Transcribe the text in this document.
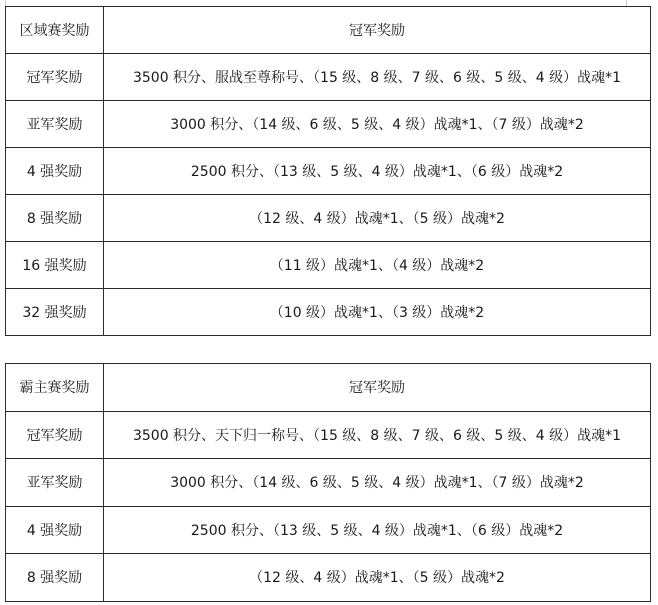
区域赛奖励	冠军奖励
冠军奖励	3500 积分、服战至尊称号、（15 级、8 级、7 级、6 级、5 级、4 级）战魂*1
亚军奖励	3000 积分、（14 级、6 级、5 级、4 级）战魂*1、（7 级）战魂*2
4 强奖励	2500 积分、（13 级、5 级、4 级）战魂*1、（6 级）战魂*2
8 强奖励	（12 级、4 级）战魂*1、（5 级）战魂*2
16 强奖励	（11 级）战魂*1、（4 级）战魂*2
32 强奖励	（10 级）战魂*1、（3 级）战魂*2
霸主赛奖励	冠军奖励
冠军奖励	3500 积分、天下归一称号、（15 级、8 级、7 级、6 级、5 级、4 级）战魂*1
亚军奖励	3000 积分、（14 级、6 级、5 级、4 级）战魂*1、（7 级）战魂*2
4 强奖励	2500 积分、（13 级、5 级、4 级）战魂*1、（6 级）战魂*2
8 强奖励	（12 级、4 级）战魂*1、（5 级）战魂*2
